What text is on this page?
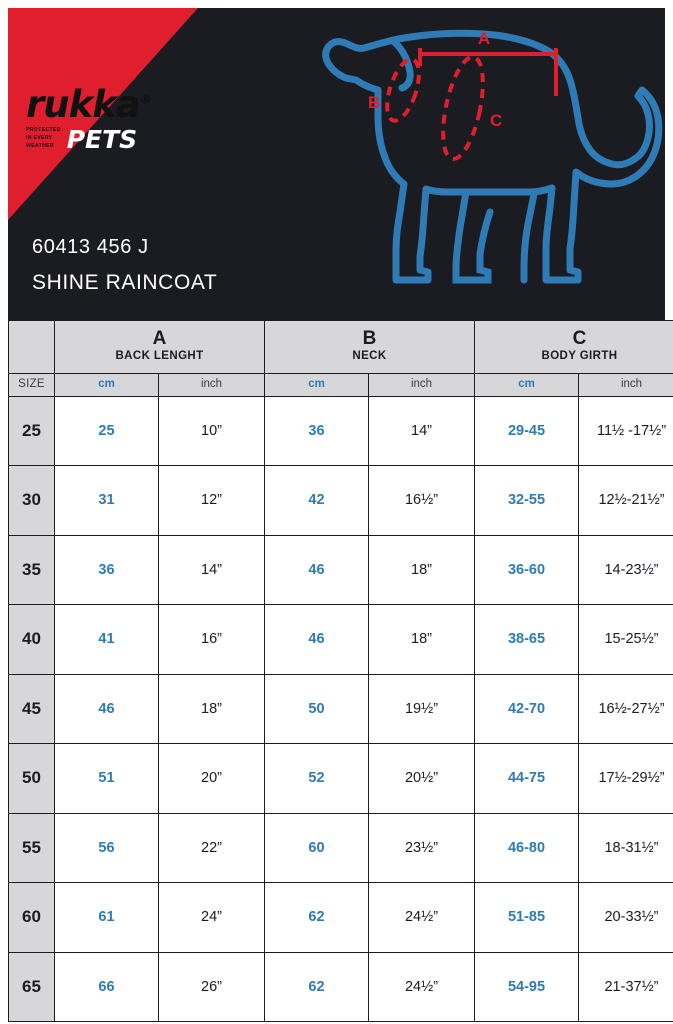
rukka®
PROTECTED
IN EVERY
WEATHER PETS
60413 456 J
SHINE RAINCOAT
A
B
C

A
BACK LENGHT

B
NECK

C
BODY GIRTH

SIZE	cm	inch	cm	inch	cm	inch
25	25	10”	36	14”	29-45	11½ -17½”
30	31	12”	42	16½”	32-55	12½-21½”
35	36	14”	46	18”	36-60	14-23½”
40	41	16”	46	18”	38-65	15-25½”
45	46	18”	50	19½”	42-70	16½-27½”
50	51	20”	52	20½”	44-75	17½-29½”
55	56	22”	60	23½”	46-80	18-31½”
60	61	24”	62	24½”	51-85	20-33½”
65	66	26”	62	24½”	54-95	21-37½”
